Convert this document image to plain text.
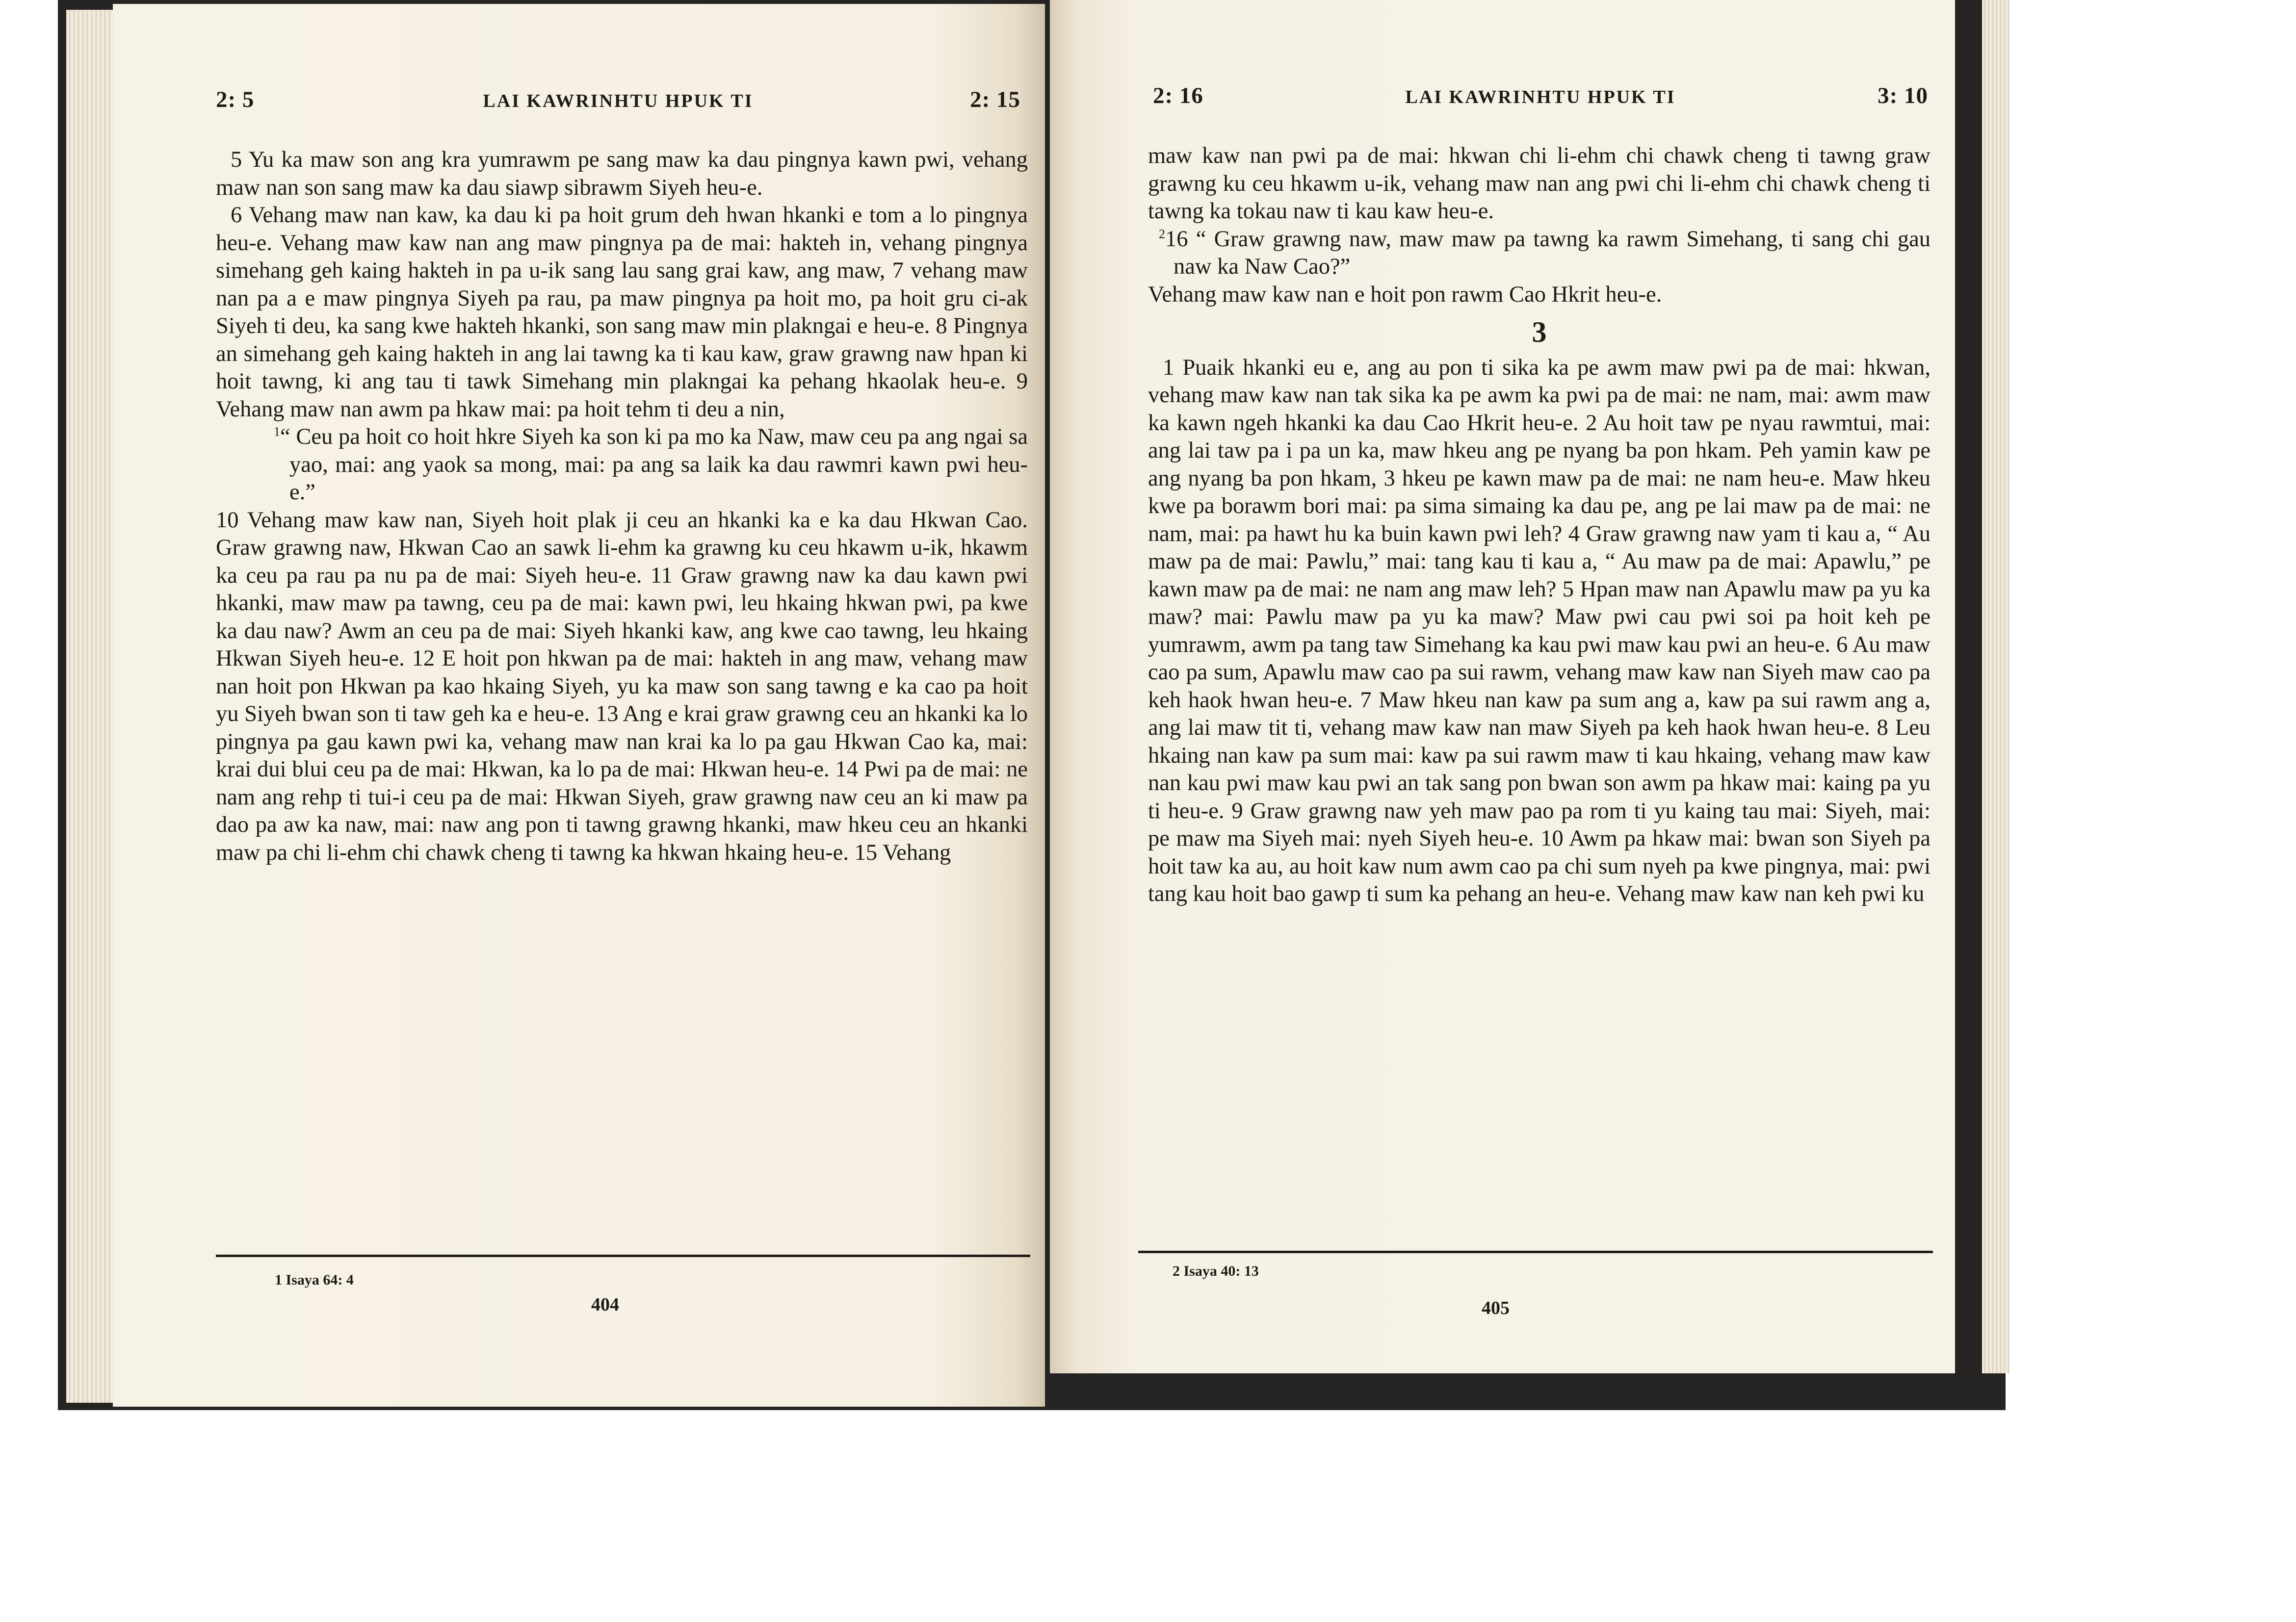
2: 5	LAI KAWRINHTU HPUK TI	2: 15

5 Yu ka maw son ang kra yumrawm pe sang maw ka dau pingnya kawn pwi, vehang maw nan son sang maw ka dau siawp sibrawm Siyeh heu-e.

6 Vehang maw nan kaw, ka dau ki pa hoit grum deh hwan hkanki e tom a lo pingnya heu-e. Vehang maw kaw nan ang maw pingnya pa de mai: hakteh in, vehang pingnya simehang geh kaing hakteh in pa u-ik sang lau sang grai kaw, ang maw, 7 vehang maw nan pa a e maw pingnya Siyeh pa rau, pa maw pingnya pa hoit mo, pa hoit gru ci-ak Siyeh ti deu, ka sang kwe hakteh hkanki, son sang maw min plakngai e heu-e. 8 Pingnya an simehang geh kaing hakteh in ang lai tawng ka ti kau kaw, graw grawng naw hpan ki hoit tawng, ki ang tau ti tawk Simehang min plakngai ka pehang hkaolak heu-e. 9 Vehang maw nan awm pa hkaw mai: pa hoit tehm ti deu a nin,

$^1$“ Ceu pa hoit co hoit hkre Siyeh ka son ki pa mo ka Naw, maw ceu pa ang ngai sa yao, mai: ang yaok sa mong, mai: pa ang sa laik ka dau rawmri kawn pwi heu-e.”

10 Vehang maw kaw nan, Siyeh hoit plak ji ceu an hkanki ka e ka dau Hkwan Cao. Graw grawng naw, Hkwan Cao an sawk li-ehm ka grawng ku ceu hkawm u-ik, hkawm ka ceu pa rau pa nu pa de mai: Siyeh heu-e. 11 Graw grawng naw ka dau kawn pwi hkanki, maw maw pa tawng, ceu pa de mai: kawn pwi, leu hkaing hkwan pwi, pa kwe ka dau naw? Awm an ceu pa de mai: Siyeh hkanki kaw, ang kwe cao tawng, leu hkaing Hkwan Siyeh heu-e. 12 E hoit pon hkwan pa de mai: hakteh in ang maw, vehang maw nan hoit pon Hkwan pa kao hkaing Siyeh, yu ka maw son sang tawng e ka cao pa hoit yu Siyeh bwan son ti taw geh ka e heu-e. 13 Ang e krai graw grawng ceu an hkanki ka lo pingnya pa gau kawn pwi ka, vehang maw nan krai ka lo pa gau Hkwan Cao ka, mai: krai dui blui ceu pa de mai: Hkwan, ka lo pa de mai: Hkwan heu-e. 14 Pwi pa de mai: ne nam ang rehp ti tui-i ceu pa de mai: Hkwan Siyeh, graw grawng naw ceu an ki maw pa dao pa aw ka naw, mai: naw ang pon ti tawng grawng hkanki, maw hkeu ceu an hkanki maw pa chi li-ehm chi chawk cheng ti tawng ka hkwan hkaing heu-e. 15 Vehang

1 Isaya 64: 4
404
2: 16	LAI KAWRINHTU HPUK TI	3: 10

maw kaw nan pwi pa de mai: hkwan chi li-ehm chi chawk cheng ti tawng graw grawng ku ceu hkawm u-ik, vehang maw nan ang pwi chi li-ehm chi chawk cheng ti tawng ka tokau naw ti kau kaw heu-e.

$^2$16 “ Graw grawng naw, maw maw pa tawng ka rawm Simehang, ti sang chi gau naw ka Naw Cao?”

Vehang maw kaw nan e hoit pon rawm Cao Hkrit heu-e.

3

1 Puaik hkanki eu e, ang au pon ti sika ka pe awm maw pwi pa de mai: hkwan, vehang maw kaw nan tak sika ka pe awm ka pwi pa de mai: ne nam, mai: awm maw ka kawn ngeh hkanki ka dau Cao Hkrit heu-e. 2 Au hoit taw pe nyau rawmtui, mai: ang lai taw pa i pa un ka, maw hkeu ang pe nyang ba pon hkam. Peh yamin kaw pe ang nyang ba pon hkam, 3 hkeu pe kawn maw pa de mai: ne nam heu-e. Maw hkeu kwe pa borawm bori mai: pa sima simaing ka dau pe, ang pe lai maw pa de mai: ne nam, mai: pa hawt hu ka buin kawn pwi leh? 4 Graw grawng naw yam ti kau a, “ Au maw pa de mai: Pawlu,” mai: tang kau ti kau a, “ Au maw pa de mai: Apawlu,” pe kawn maw pa de mai: ne nam ang maw leh? 5 Hpan maw nan Apawlu maw pa yu ka maw? mai: Pawlu maw pa yu ka maw? Maw pwi cau pwi soi pa hoit keh pe yumrawm, awm pa tang taw Simehang ka kau pwi maw kau pwi an heu-e. 6 Au maw cao pa sum, Apawlu maw cao pa sui rawm, vehang maw kaw nan Siyeh maw cao pa keh haok hwan heu-e. 7 Maw hkeu nan kaw pa sum ang a, kaw pa sui rawm ang a, ang lai maw tit ti, vehang maw kaw nan maw Siyeh pa keh haok hwan heu-e. 8 Leu hkaing nan kaw pa sum mai: kaw pa sui rawm maw ti kau hkaing, vehang maw kaw nan kau pwi maw kau pwi an tak sang pon bwan son awm pa hkaw mai: kaing pa yu ti heu-e. 9 Graw grawng naw yeh maw pao pa rom ti yu kaing tau mai: Siyeh, mai: pe maw ma Siyeh mai: nyeh Siyeh heu-e. 10 Awm pa hkaw mai: bwan son Siyeh pa hoit taw ka au, au hoit kaw num awm cao pa chi sum nyeh pa kwe pingnya, mai: pwi tang kau hoit bao gawp ti sum ka pehang an heu-e. Vehang maw kaw nan keh pwi ku

2 Isaya 40: 13
405
